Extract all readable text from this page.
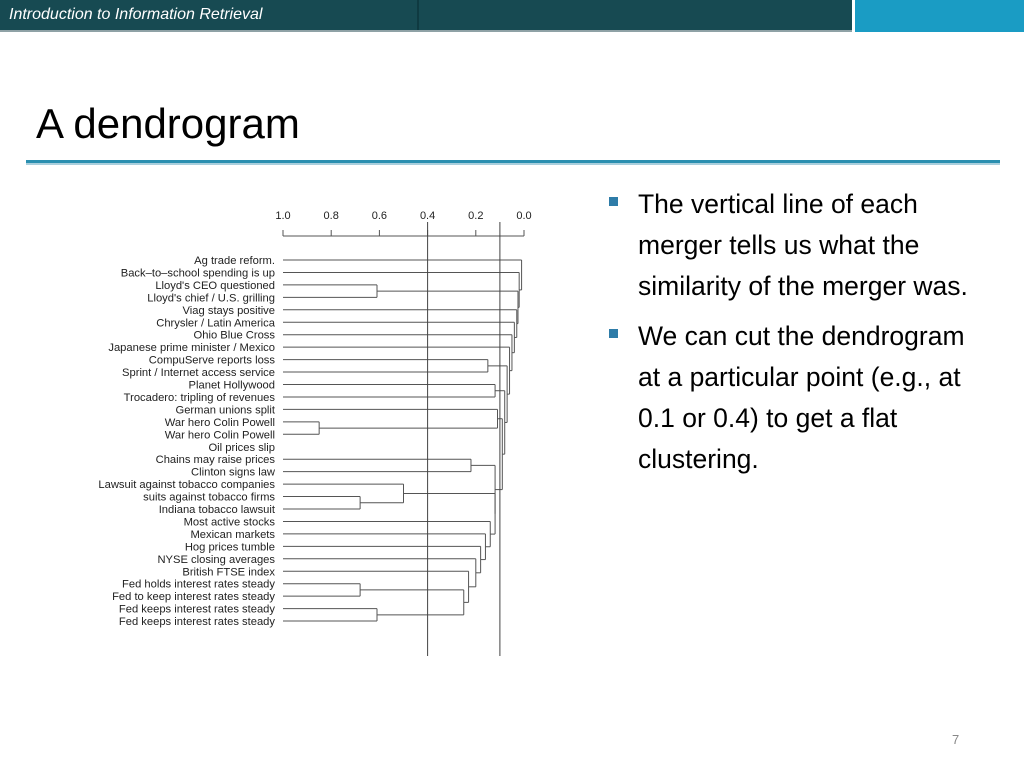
Introduction to Information Retrieval
A dendrogram
1.0	0.8	0.6	0.4	0.2	0.0
Ag trade reform.
Back–to–school spending is up
Lloyd's CEO questioned
Lloyd's chief / U.S. grilling
Viag stays positive
Chrysler / Latin America
Ohio Blue Cross
Japanese prime minister / Mexico
CompuServe reports loss
Sprint / Internet access service
Planet Hollywood
Trocadero: tripling of revenues
German unions split
War hero Colin Powell
War hero Colin Powell
Oil prices slip
Chains may raise prices
Clinton signs law
Lawsuit against tobacco companies
suits against tobacco firms
Indiana tobacco lawsuit
Most active stocks
Mexican markets
Hog prices tumble
NYSE closing averages
British FTSE index
Fed holds interest rates steady
Fed to keep interest rates steady
Fed keeps interest rates steady
Fed keeps interest rates steady
The vertical line of each merger tells us what the similarity of the merger was.
We can cut the dendrogram at a particular point (e.g., at 0.1 or 0.4) to get a flat clustering.
7
